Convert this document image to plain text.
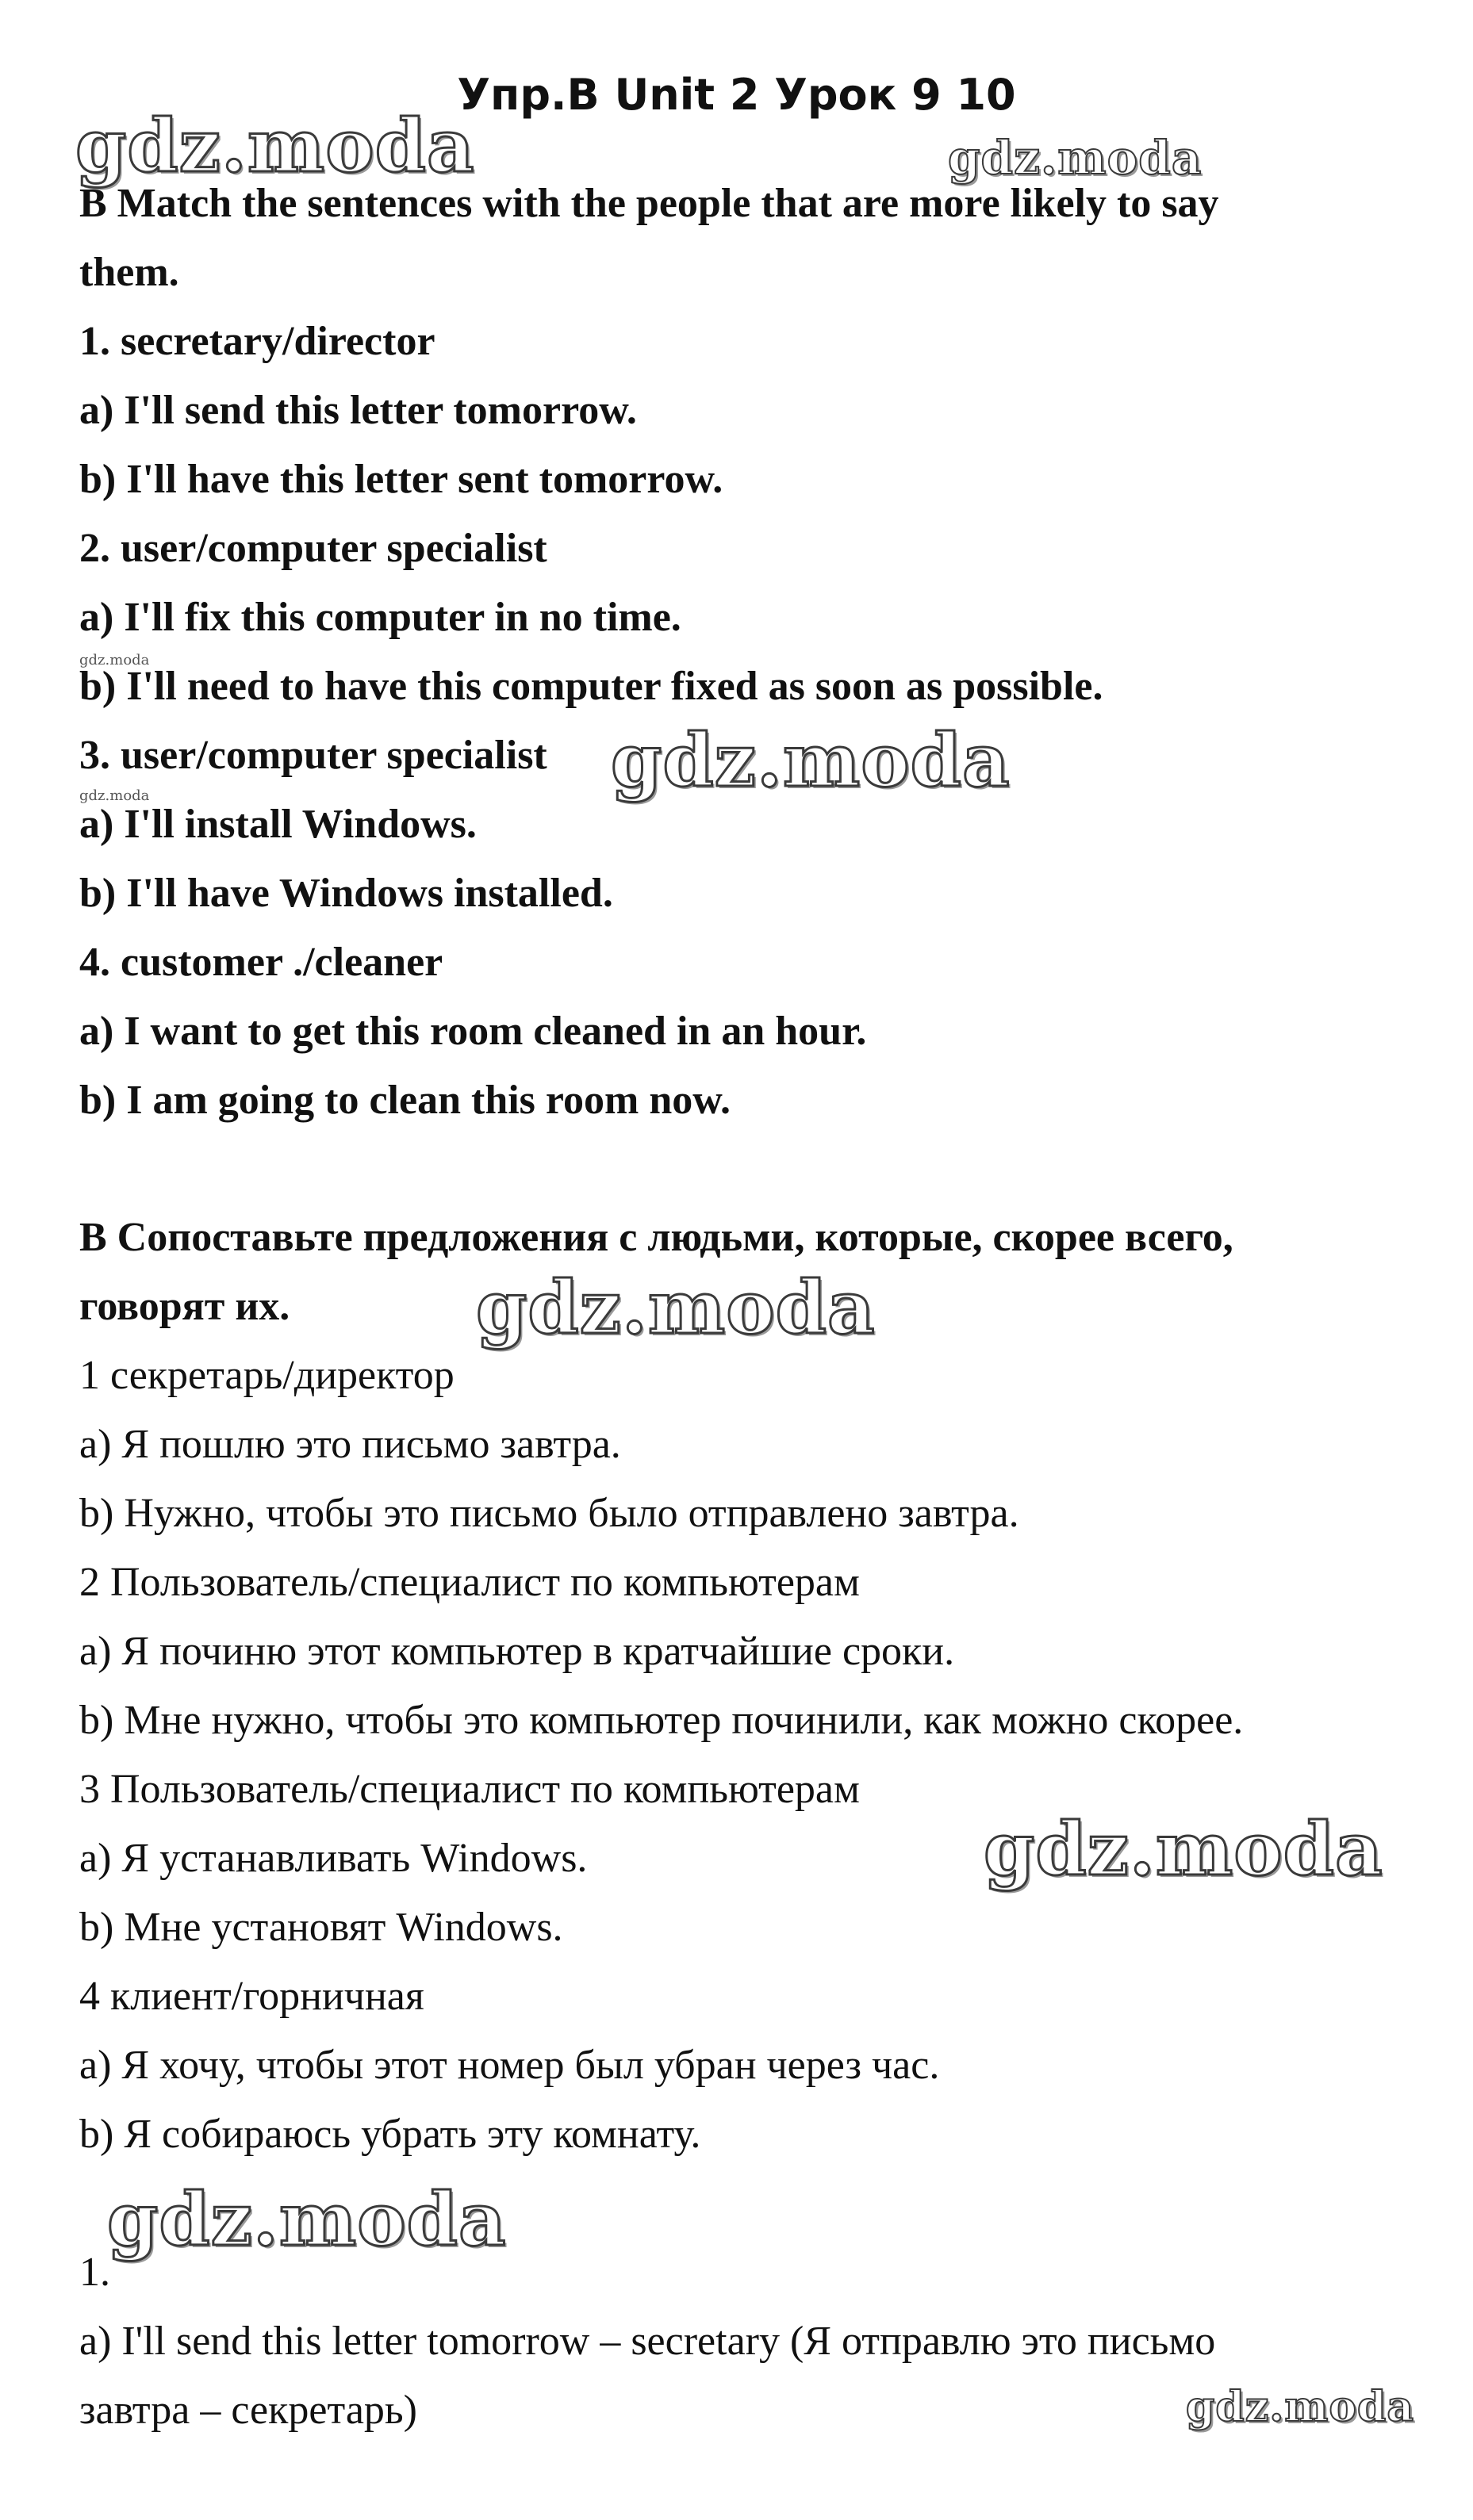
Упр.B Unit 2 Урок 9 10
gdz.moda	gdz.moda
gdz.moda
gdz.moda
gdz.moda
gdz.moda
gdz.moda
gdz.moda
gdz.moda
B Match the sentences with the people that are more likely to say
them.
1. secretary/director
a) I'll send this letter tomorrow.
b) I'll have this letter sent tomorrow.
2. user/computer specialist
a) I'll fix this computer in no time.
b) I'll need to have this computer fixed as soon as possible.
3. user/computer specialist
a) I'll install Windows.
b) I'll have Windows installed.
4. customer ./cleaner
a) I want to get this room cleaned in an hour.
b) I am going to clean this room now.
B Сопоставьте предложения с людьми, которые, скорее всего,
говорят их.
1 секретарь/директор
a) Я пошлю это письмо завтра.
b) Нужно, чтобы это письмо было отправлено завтра.
2 Пользователь/специалист по компьютерам
a) Я починю этот компьютер в кратчайшие сроки.
b) Мне нужно, чтобы это компьютер починили, как можно скорее.
3 Пользователь/специалист по компьютерам
a) Я устанавливать Windows.
b) Мне установят Windows.
4 клиент/горничная
a) Я хочу, чтобы этот номер был убран через час.
b) Я собираюсь убрать эту комнату.
1.
a) I'll send this letter tomorrow – secretary (Я отправлю это письмо
завтра – секретарь)
